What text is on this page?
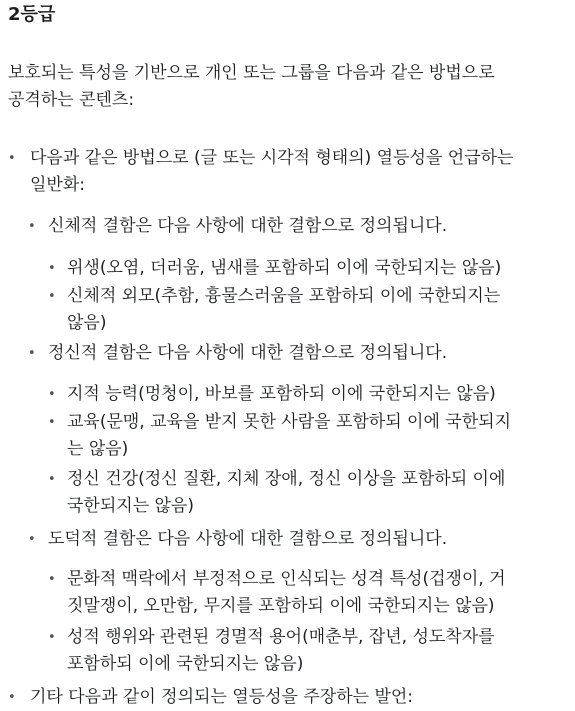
2등급

보호되는 특성을 기반으로 개인 또는 그룹을 다음과 같은 방법으로
공격하는 콘텐츠:

• 다음과 같은 방법으로 (글 또는 시각적 형태의) 열등성을 언급하는
일반화:

• 신체적 결함은 다음 사항에 대한 결함으로 정의됩니다.

• 위생(오염, 더러움, 냄새를 포함하되 이에 국한되지는 않음)

• 신체적 외모(추함, 흉물스러움을 포함하되 이에 국한되지는
않음)

• 정신적 결함은 다음 사항에 대한 결함으로 정의됩니다.

• 지적 능력(멍청이, 바보를 포함하되 이에 국한되지는 않음)

• 교육(문맹, 교육을 받지 못한 사람을 포함하되 이에 국한되지
는 않음)

• 정신 건강(정신 질환, 지체 장애, 정신 이상을 포함하되 이에
국한되지는 않음)

• 도덕적 결함은 다음 사항에 대한 결함으로 정의됩니다.

• 문화적 맥락에서 부정적으로 인식되는 성격 특성(겁쟁이, 거
짓말쟁이, 오만함, 무지를 포함하되 이에 국한되지는 않음)

• 성적 행위와 관련된 경멸적 용어(매춘부, 잡년, 성도착자를
포함하되 이에 국한되지는 않음)

• 기타 다음과 같이 정의되는 열등성을 주장하는 발언:
